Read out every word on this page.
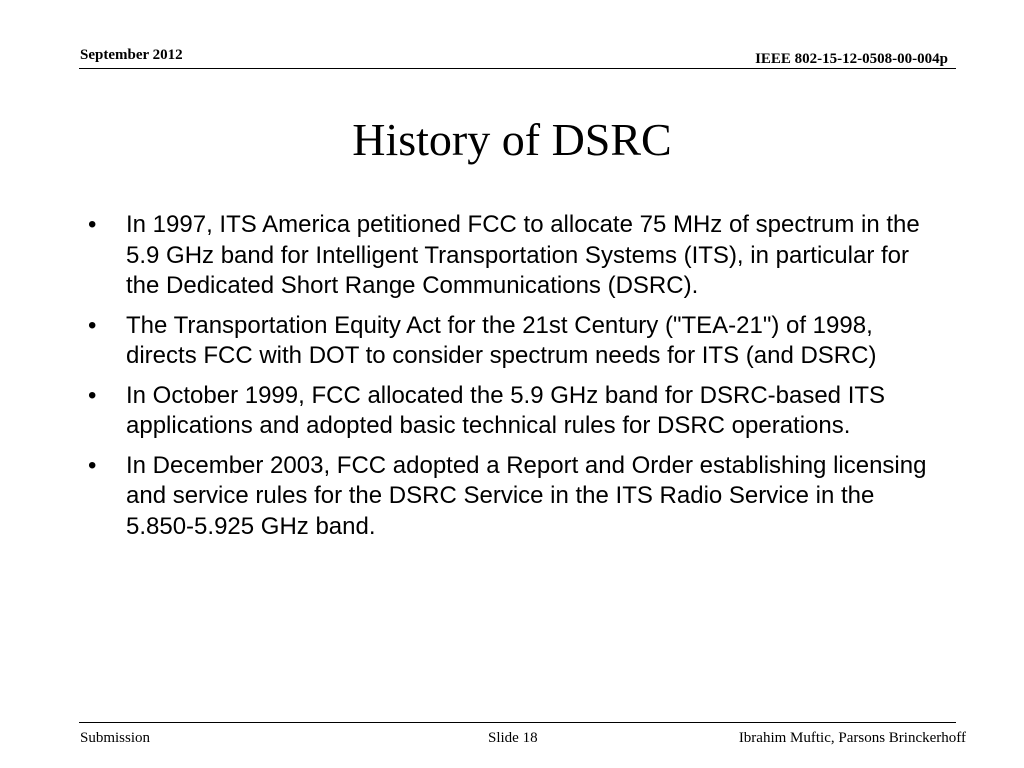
September 2012	IEEE 802-15-12-0508-00-004p
History of DSRC
•	In 1997, ITS America petitioned FCC to allocate 75 MHz of spectrum in the 5.9 GHz band for Intelligent Transportation Systems (ITS), in particular for the Dedicated Short Range Communications (DSRC).
•	The Transportation Equity Act for the 21st Century ("TEA-21") of 1998, directs FCC with DOT to consider spectrum needs for ITS (and DSRC)
•	In October 1999, FCC allocated the 5.9 GHz band for DSRC-based ITS applications and adopted basic technical rules for DSRC operations.
•	In December 2003, FCC adopted a Report and Order establishing licensing and service rules for the DSRC Service in the ITS Radio Service in the 5.850-5.925 GHz band.
Submission	Slide 18	Ibrahim Muftic, Parsons Brinckerhoff
